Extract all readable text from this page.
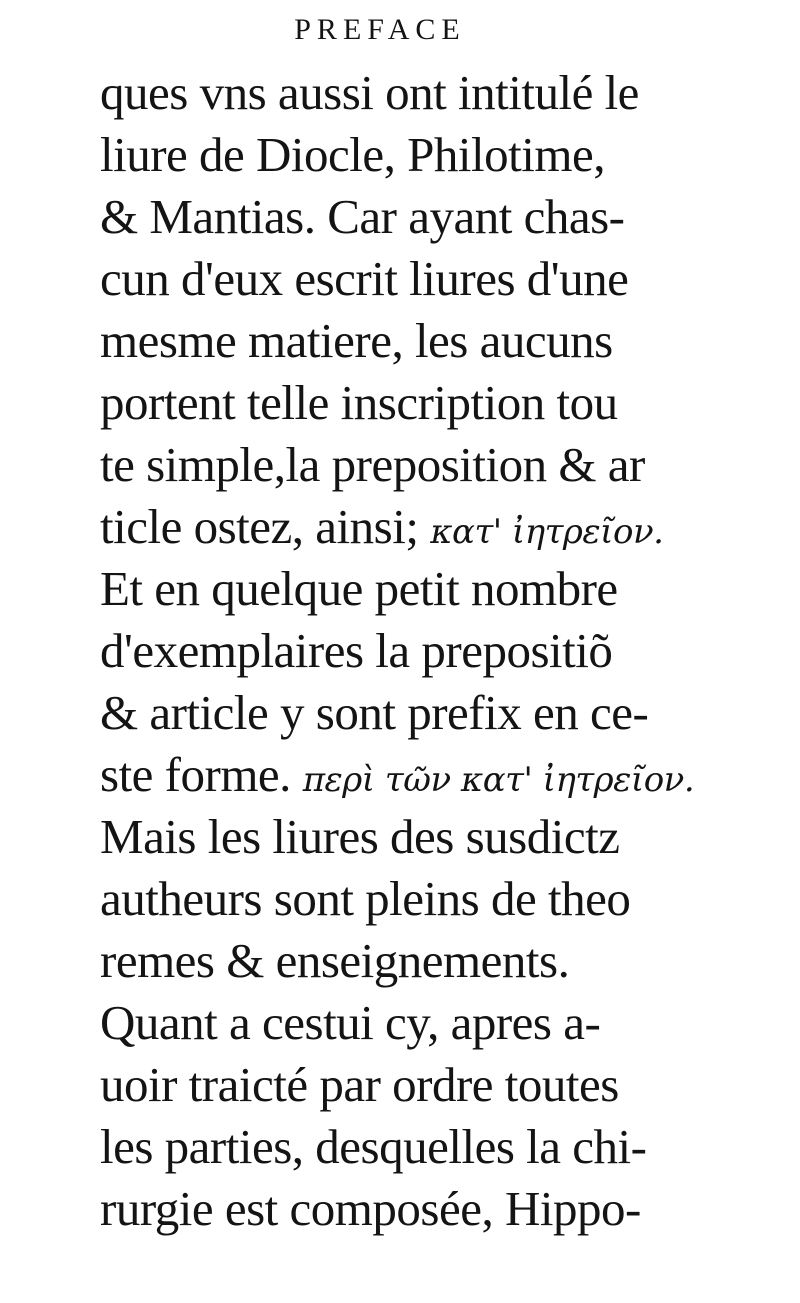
PREFACE
ques vns aussi ont intitulé le
liure de Diocle, Philotime,
& Mantias. Car ayant chas-
cun d'eux escrit liures d'une
mesme matiere, les aucuns
portent telle inscription tou
te simple,la preposition & ar
ticle ostez, ainsi; κατ' ἰητρεῖον.
Et en quelque petit nombre
d'exemplaires la prepositiõ
& article y sont prefix en ce-
ste forme. περὶ τῶν κατ' ἰητρεῖον.
Mais les liures des susdictz
autheurs sont pleins de theo
remes & enseignements.
Quant a cestui cy, apres a-
uoir traicté par ordre toutes
les parties, desquelles la chi-
rurgie est composée, Hippo-
